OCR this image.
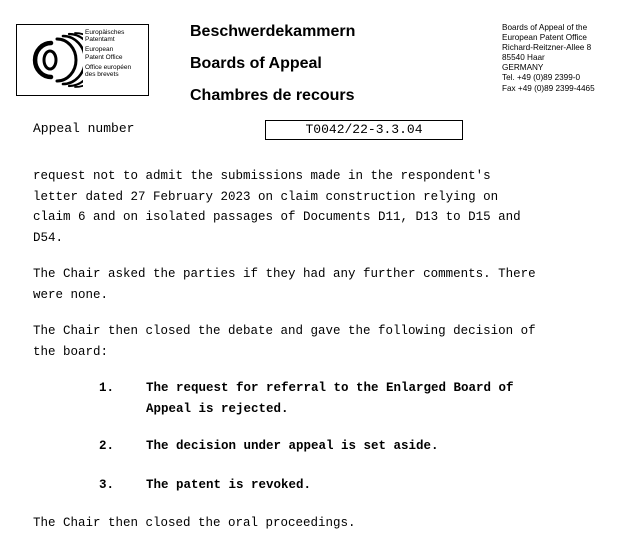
Europäisches
Patentamt
European
Patent Office
Office européen
des brevets
Beschwerdekammern
Boards of Appeal
Chambres de recours
Boards of Appeal of the
European Patent Office
Richard-Reitzner-Allee 8
85540 Haar
GERMANY
Tel. +49 (0)89 2399-0
Fax +49 (0)89 2399-4465
Appeal number	T0042/22-3.3.04
request not to admit the submissions made in the respondent's
letter dated 27 February 2023 on claim construction relying on
claim 6 and on isolated passages of Documents D11, D13 to D15 and
D54.
The Chair asked the parties if they had any further comments. There
were none.
The Chair then closed the debate and gave the following decision of
the board:
1.	The request for referral to the Enlarged Board of
Appeal is rejected.
2.	The decision under appeal is set aside.
3.	The patent is revoked.
The Chair then closed the oral proceedings.
